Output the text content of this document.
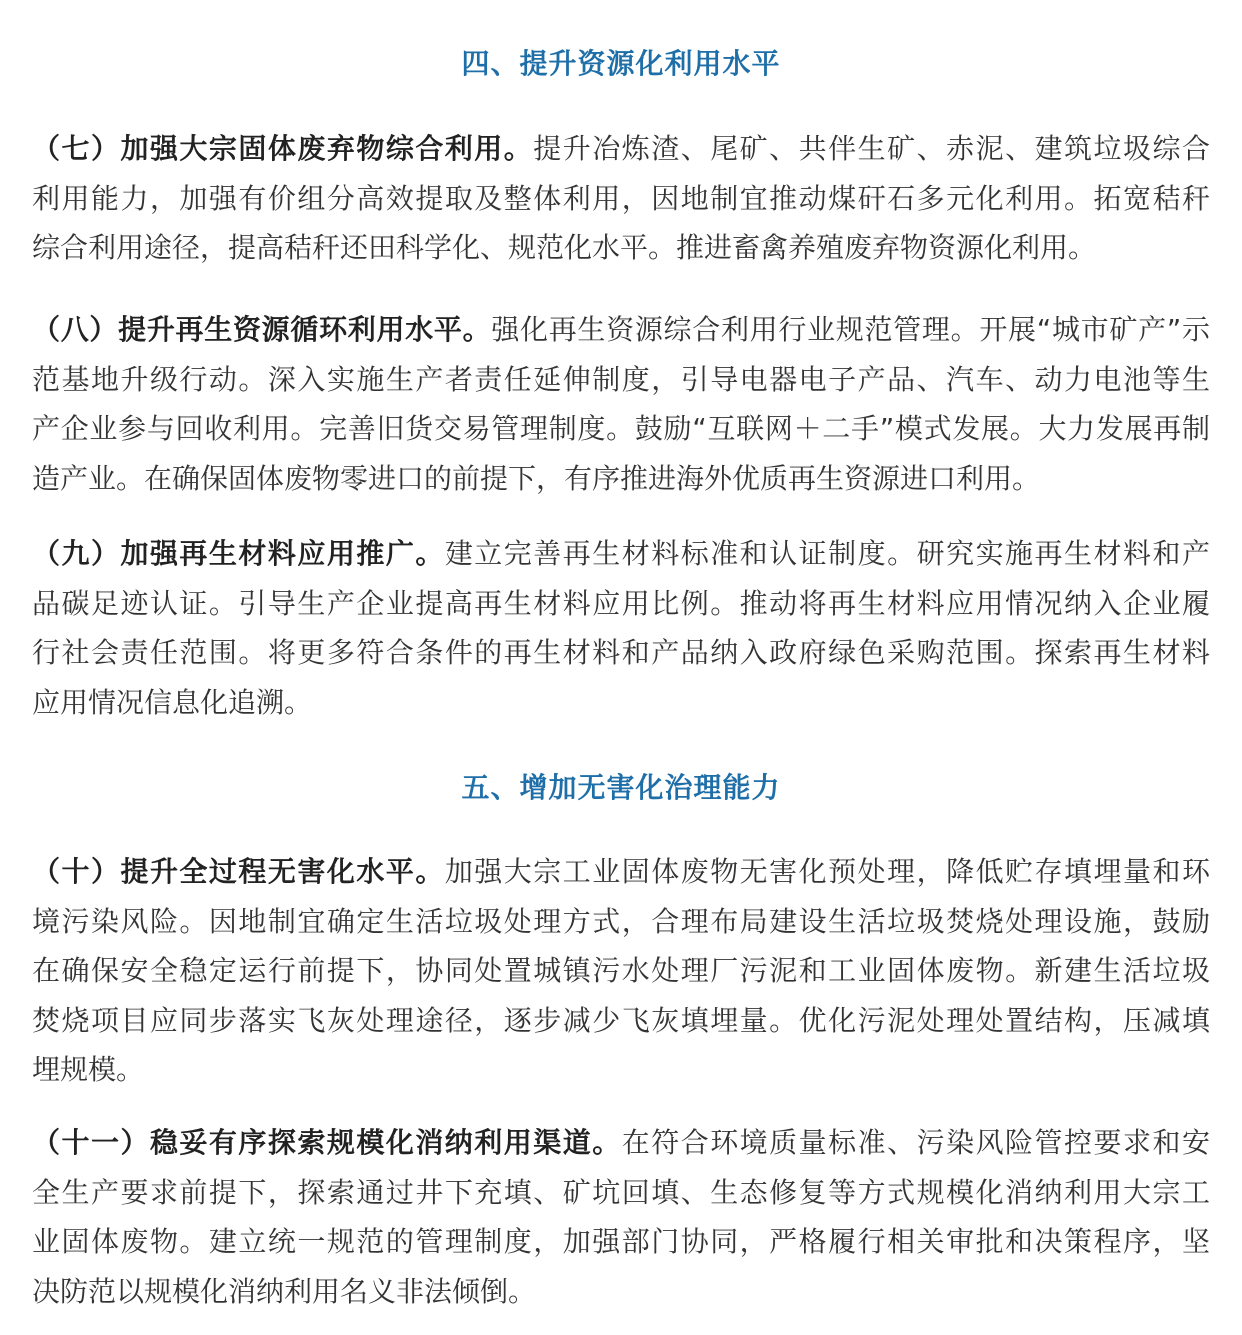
四、提升资源化利用水平
（七）加强大宗固体废弃物综合利用。提升冶炼渣、尾矿、共伴生矿、赤泥、建筑垃圾综合
利用能力，加强有价组分高效提取及整体利用，因地制宜推动煤矸石多元化利用。拓宽秸秆
综合利用途径，提高秸秆还田科学化、规范化水平。推进畜禽养殖废弃物资源化利用。
（八）提升再生资源循环利用水平。强化再生资源综合利用行业规范管理。开展“城市矿产”示
范基地升级行动。深入实施生产者责任延伸制度，引导电器电子产品、汽车、动力电池等生
产企业参与回收利用。完善旧货交易管理制度。鼓励“互联网＋二手”模式发展。大力发展再制
造产业。在确保固体废物零进口的前提下，有序推进海外优质再生资源进口利用。
（九）加强再生材料应用推广。建立完善再生材料标准和认证制度。研究实施再生材料和产
品碳足迹认证。引导生产企业提高再生材料应用比例。推动将再生材料应用情况纳入企业履
行社会责任范围。将更多符合条件的再生材料和产品纳入政府绿色采购范围。探索再生材料
应用情况信息化追溯。
五、增加无害化治理能力
（十）提升全过程无害化水平。加强大宗工业固体废物无害化预处理，降低贮存填埋量和环
境污染风险。因地制宜确定生活垃圾处理方式，合理布局建设生活垃圾焚烧处理设施，鼓励
在确保安全稳定运行前提下，协同处置城镇污水处理厂污泥和工业固体废物。新建生活垃圾
焚烧项目应同步落实飞灰处理途径，逐步减少飞灰填埋量。优化污泥处理处置结构，压减填
埋规模。
（十一）稳妥有序探索规模化消纳利用渠道。在符合环境质量标准、污染风险管控要求和安
全生产要求前提下，探索通过井下充填、矿坑回填、生态修复等方式规模化消纳利用大宗工
业固体废物。建立统一规范的管理制度，加强部门协同，严格履行相关审批和决策程序，坚
决防范以规模化消纳利用名义非法倾倒。
